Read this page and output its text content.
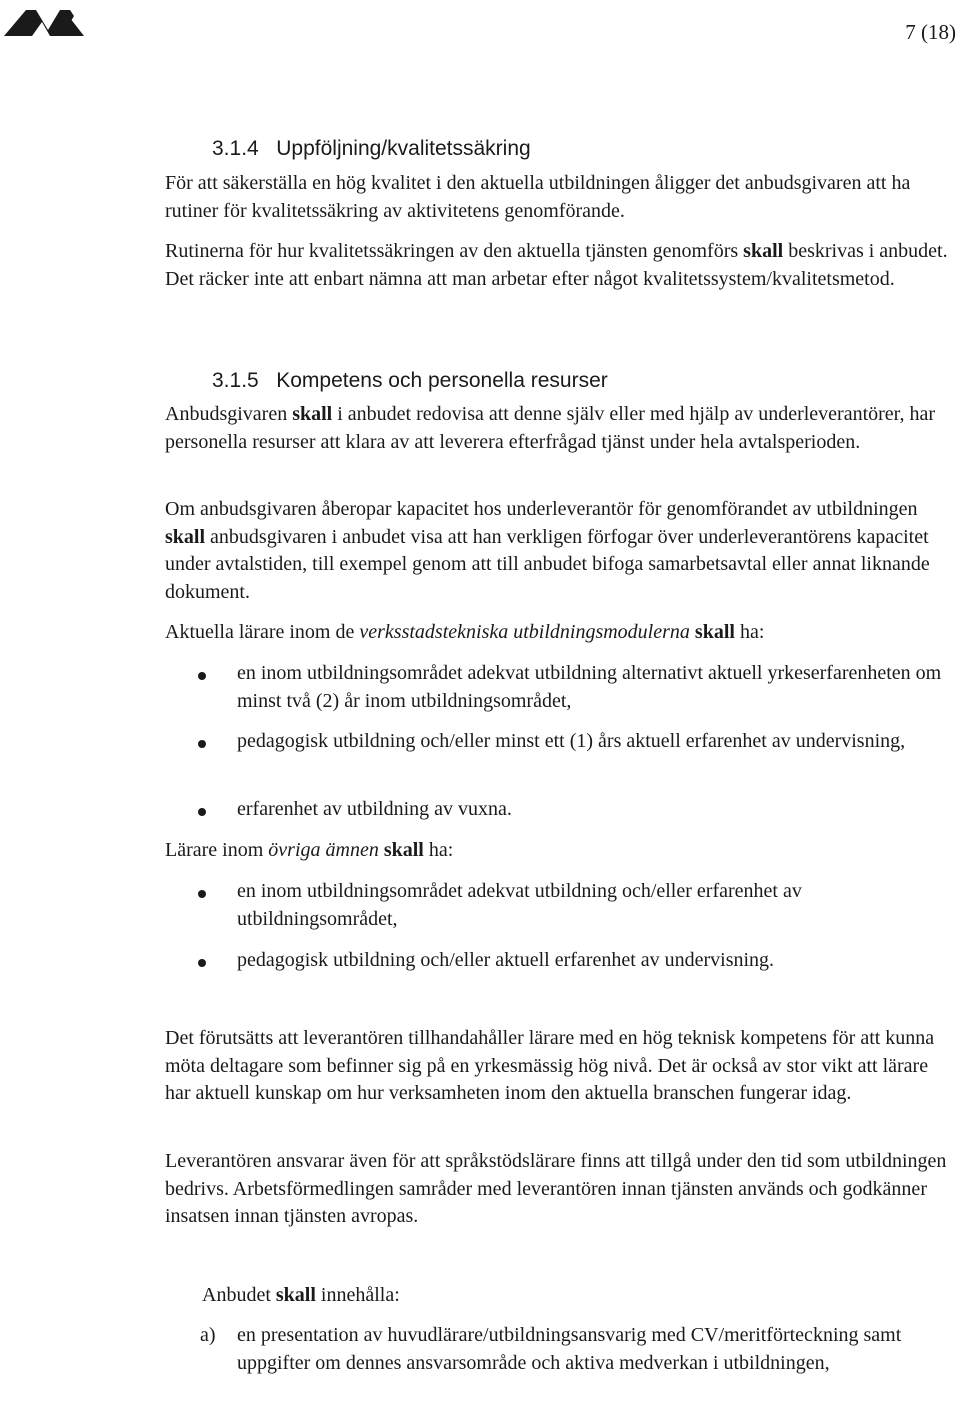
7 (18)
3.1.4 Uppföljning/kvalitetssäkring

För att säkerställa en hög kvalitet i den aktuella utbildningen åligger det anbudsgivaren att ha rutiner för kvalitetssäkring av aktivitetens genomförande.

Rutinerna för hur kvalitetssäkringen av den aktuella tjänsten genomförs skall beskrivas i anbudet. Det räcker inte att enbart nämna att man arbetar efter något kvalitetssystem/kvalitetsmetod.

3.1.5 Kompetens och personella resurser

Anbudsgivaren skall i anbudet redovisa att denne själv eller med hjälp av underleverantörer, har personella resurser att klara av att leverera efterfrågad tjänst under hela avtalsperioden.

Om anbudsgivaren åberopar kapacitet hos underleverantör för genomförandet av utbildningen skall anbudsgivaren i anbudet visa att han verkligen förfogar över underleverantörens kapacitet under avtalstiden, till exempel genom att till anbudet bifoga samarbetsavtal eller annat liknande dokument.

Aktuella lärare inom de verksstadstekniska utbildningsmodulerna skall ha:

en inom utbildningsområdet adekvat utbildning alternativt aktuell yrkeserfarenheten om minst två (2) år inom utbildningsområdet,

pedagogisk utbildning och/eller minst ett (1) års aktuell erfarenhet av undervisning,

erfarenhet av utbildning av vuxna.

Lärare inom övriga ämnen skall ha:

en inom utbildningsområdet adekvat utbildning och/eller erfarenhet av utbildningsområdet,

pedagogisk utbildning och/eller aktuell erfarenhet av undervisning.

Det förutsätts att leverantören tillhandahåller lärare med en hög teknisk kompetens för att kunna möta deltagare som befinner sig på en yrkesmässig hög nivå. Det är också av stor vikt att lärare har aktuell kunskap om hur verksamheten inom den aktuella branschen fungerar idag.

Leverantören ansvarar även för att språkstödslärare finns att tillgå under den tid som utbildningen bedrivs. Arbetsförmedlingen samråder med leverantören innan tjänsten används och godkänner insatsen innan tjänsten avropas.

Anbudet skall innehålla:

a) en presentation av huvudlärare/utbildningsansvarig med CV/meritförteckning samt uppgifter om dennes ansvarsområde och aktiva medverkan i utbildningen,
